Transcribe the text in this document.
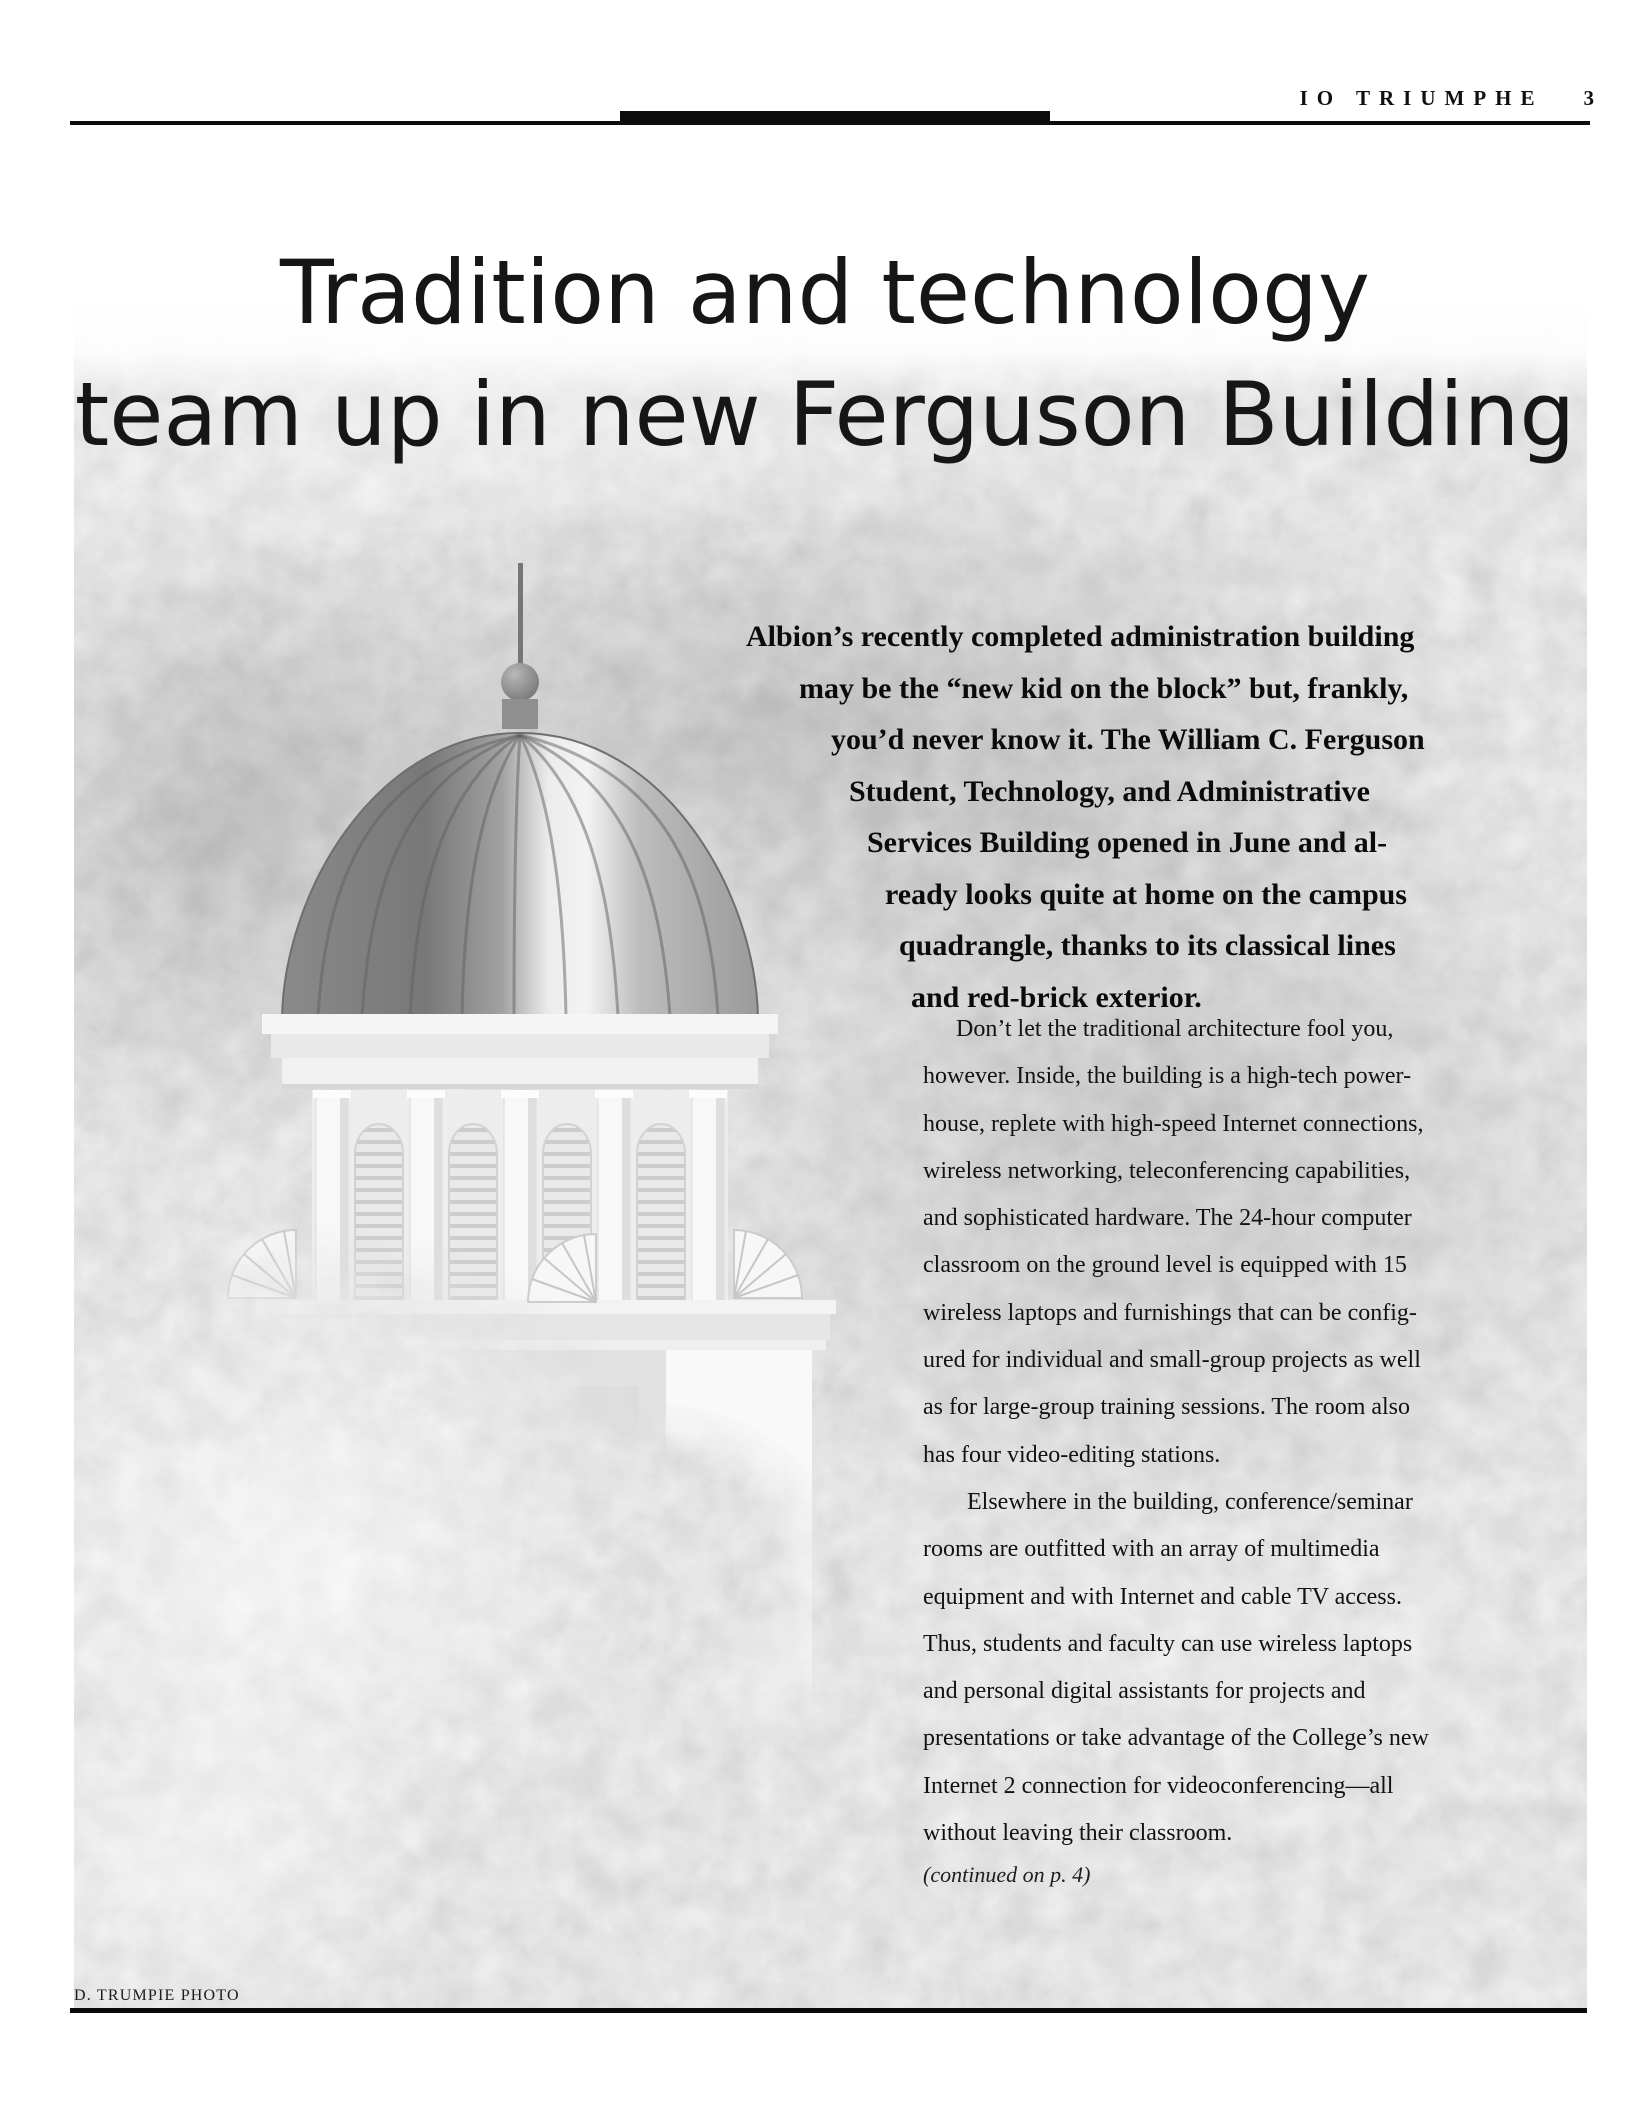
IO TRIUMPHE 3
Tradition and technology
team up in new Ferguson Building
Albion’s recently completed administration building
may be the “new kid on the block” but, frankly,
you’d never know it. The William C. Ferguson
Student, Technology, and Administrative
Services Building opened in June and al-
ready looks quite at home on the campus
quadrangle, thanks to its classical lines
and red-brick exterior.
Don’t let the traditional architecture fool you,
however. Inside, the building is a high-tech power-
house, replete with high-speed Internet connections,
wireless networking, teleconferencing capabilities,
and sophisticated hardware. The 24-hour computer
classroom on the ground level is equipped with 15
wireless laptops and furnishings that can be config-
ured for individual and small-group projects as well
as for large-group training sessions. The room also
has four video-editing stations.
Elsewhere in the building, conference/seminar
rooms are outfitted with an array of multimedia
equipment and with Internet and cable TV access.
Thus, students and faculty can use wireless laptops
and personal digital assistants for projects and
presentations or take advantage of the College’s new
Internet 2 connection for videoconferencing—all
without leaving their classroom.
(continued on p. 4)
D. TRUMPIE PHOTO
